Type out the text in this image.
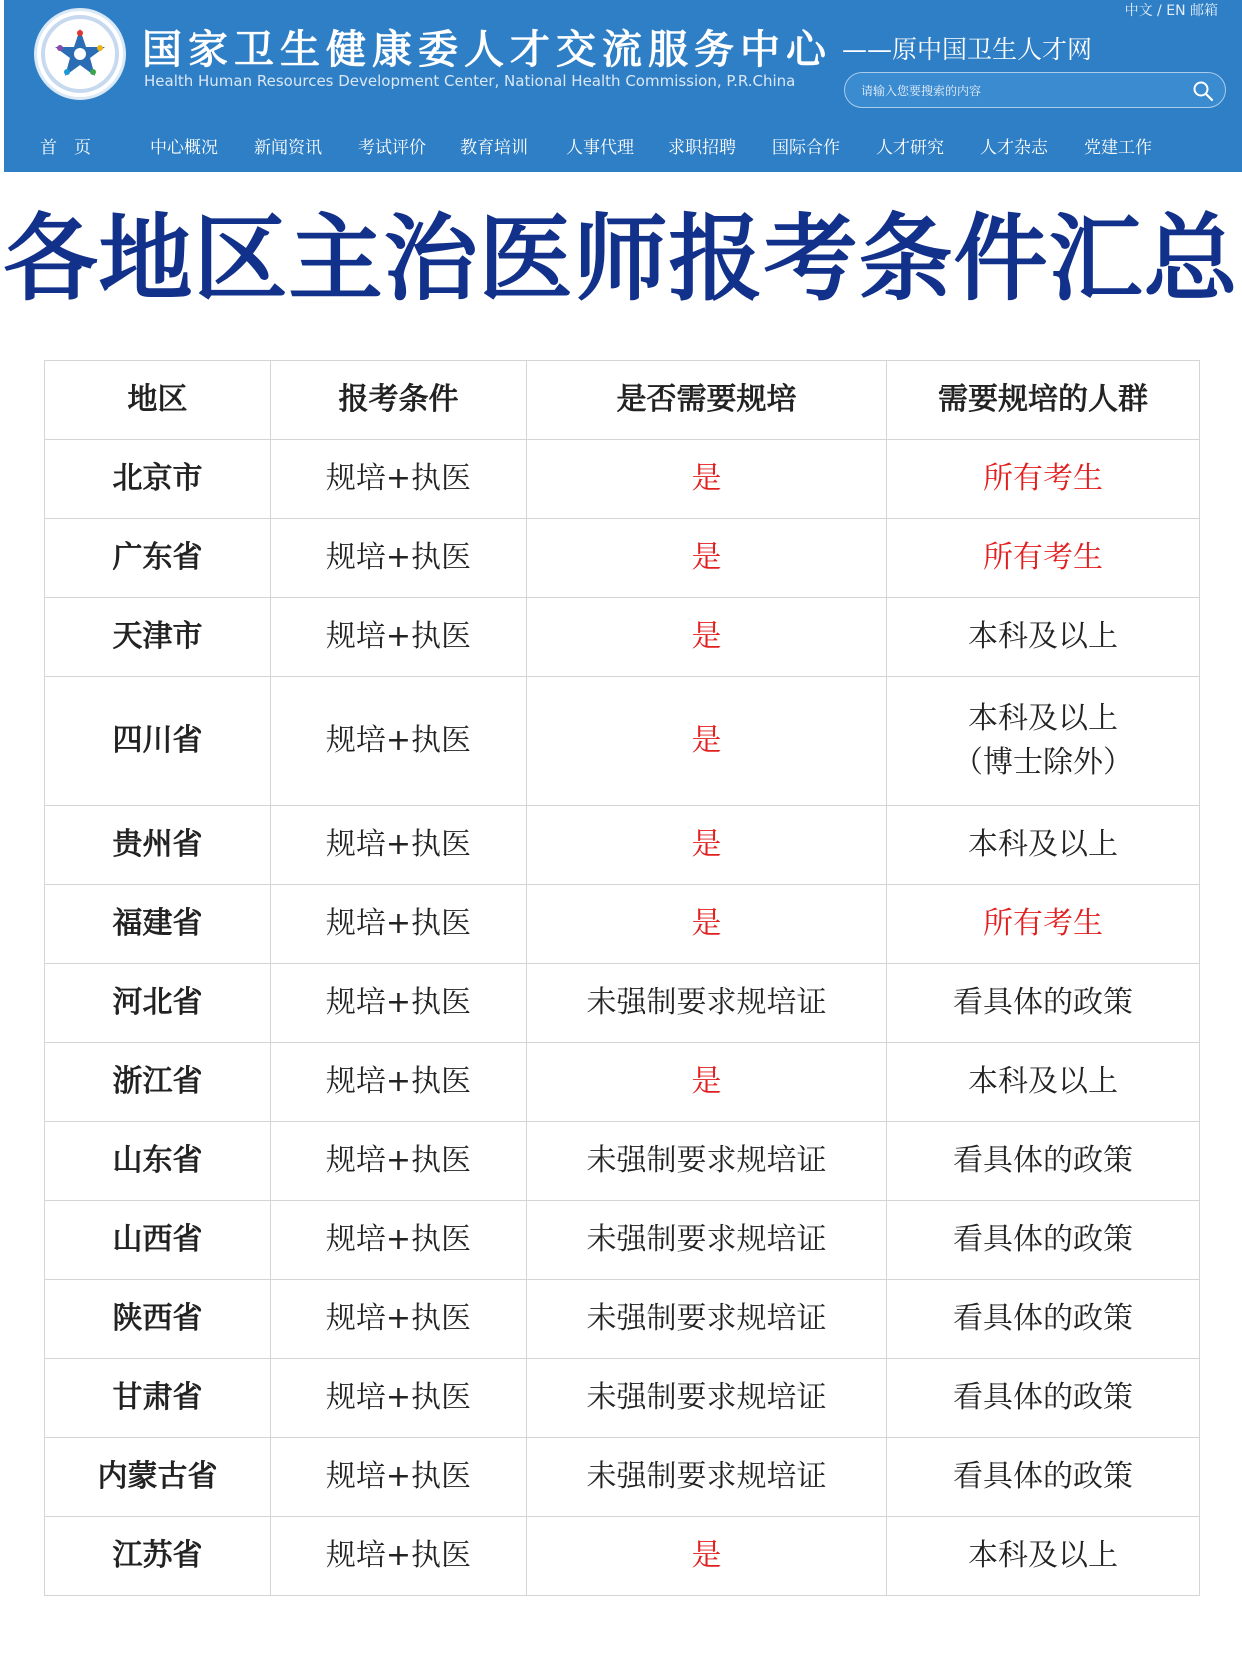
国家卫生健康委人才交流服务中心
Health Human Resources Development Center, National Health Commission, P.R.China
——原中国卫生人才网
中文 / EN 邮箱
请输入您要搜索的内容
首　页	中心概况 新闻资讯 考试评价 教育培训 人事代理 求职招聘 国际合作 人才研究 人才杂志 党建工作
各地区主治医师报考条件汇总
地区	报考条件	是否需要规培	需要规培的人群
北京市	规培+执医	是	所有考生
广东省	规培+执医	是	所有考生
天津市	规培+执医	是	本科及以上
四川省	规培+执医	是	本科及以上
（博士除外）

贵州省	规培+执医	是	本科及以上
福建省	规培+执医	是	所有考生
河北省	规培+执医	未强制要求规培证	看具体的政策
浙江省	规培+执医	是	本科及以上
山东省	规培+执医	未强制要求规培证	看具体的政策
山西省	规培+执医	未强制要求规培证	看具体的政策
陕西省	规培+执医	未强制要求规培证	看具体的政策
甘肃省	规培+执医	未强制要求规培证	看具体的政策
内蒙古省	规培+执医	未强制要求规培证	看具体的政策
江苏省	规培+执医	是	本科及以上
